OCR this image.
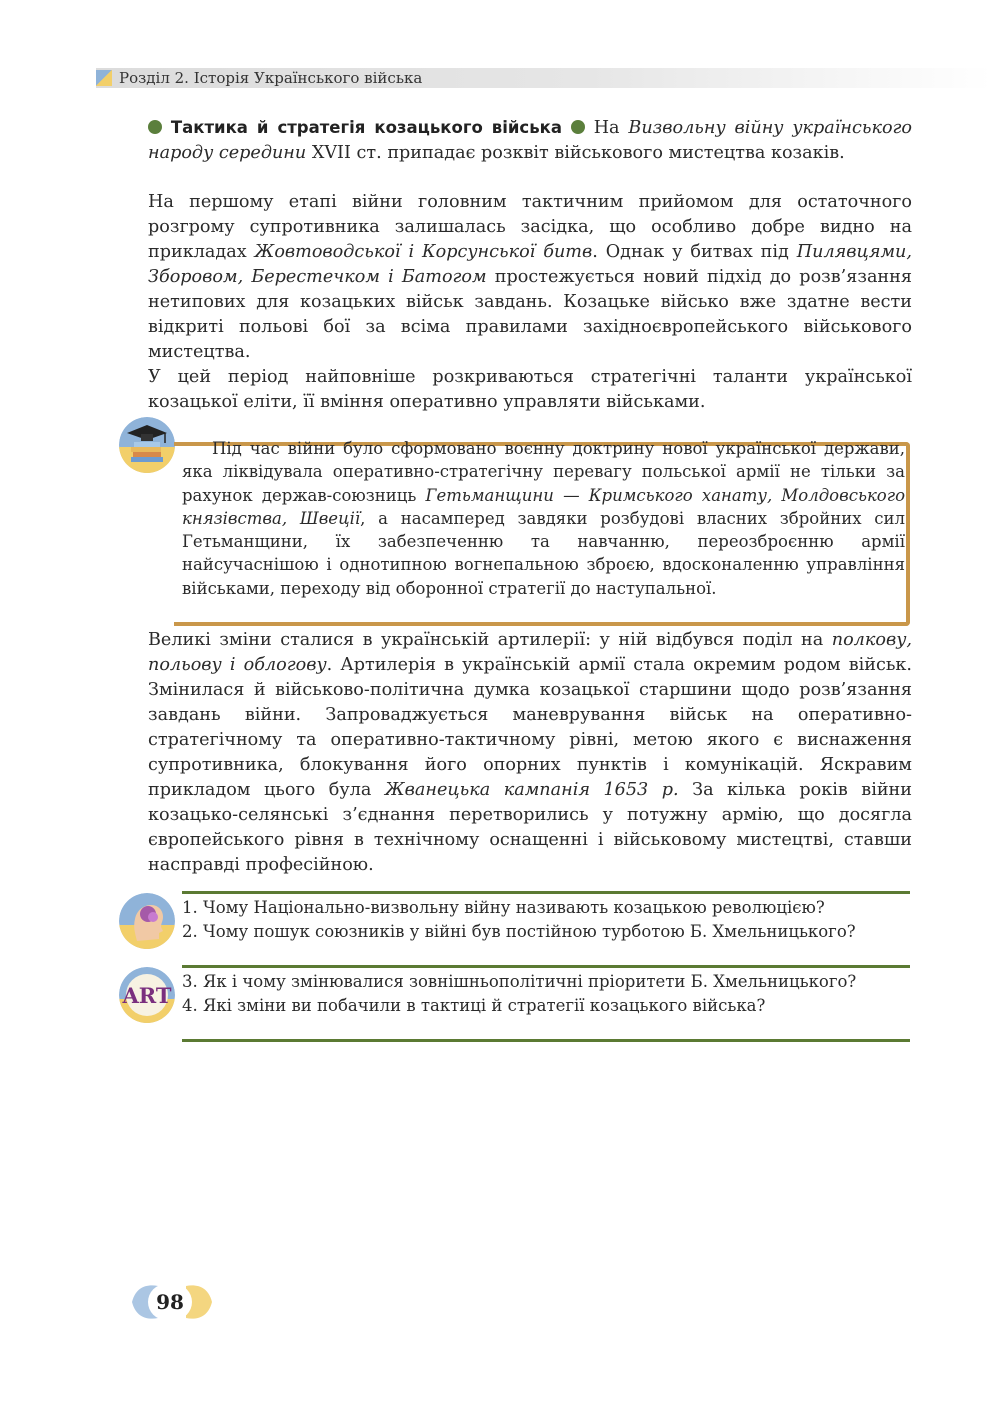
Розділ 2. Історія Українського війська

Тактика й стратегія козацького війська На Визвольну війну українського народу середини XVII ст. припадає розквіт військового мистецтва козаків.

На першому етапі війни головним тактичним прийомом для остаточного розгрому супротивника залишалась засідка, що особливо добре видно на прикладах Жовтоводської і Корсунської битв. Однак у битвах під Пилявцями, Зборовом, Берестечком і Батогом простежується новий підхід до розв’язання нетипових для козацьких військ завдань. Козацьке військо вже здатне вести відкриті польові бої за всіма правилами західноєвропейського військового мистецтва.

У цей період найповніше розкриваються стратегічні таланти української козацької еліти, її вміння оперативно управляти військами.

Під час війни було сформовано воєнну доктрину нової української держави, яка ліквідувала оперативно-стратегічну перевагу польської армії не тільки за рахунок держав-союзниць Гетьманщини — Кримського ханату, Молдовського князівства, Швеції, а насамперед завдяки розбудові власних збройних сил Гетьманщини, їх забезпеченню та навчанню, переозброєнню армії найсучаснішою і однотипною вогнепальною зброєю, вдосконаленню управління військами, переходу від оборонної стратегії до наступальної.

Великі зміни сталися в українській артилерії: у ній відбувся поділ на полкову, польову і облогову. Артилерія в українській армії стала окремим родом військ. Змінилася й військово-політична думка козацької старшини щодо розв’язання завдань війни. Запроваджується маневрування військ на оперативно-стратегічному та оперативно-тактичному рівні, метою якого є виснаження супротивника, блокування його опорних пунктів і комунікацій. Яскравим прикладом цього була Жванецька кампанія 1653 р. За кілька років війни козацько-селянські з’єднання перетворились у потужну армію, що досягла європейського рівня в технічному оснащенні і військовому мистецтві, ставши насправді професійною.

1. Чому Національно-визвольну війну називають козацькою революцією?
2. Чому пошук союзників у війні був постійною турботою Б. Хмельницького?
ART
3. Як і чому змінювалися зовнішньополітичні пріоритети Б. Хмельницького?
4. Які зміни ви побачили в тактиці й стратегії козацького війська?
98
